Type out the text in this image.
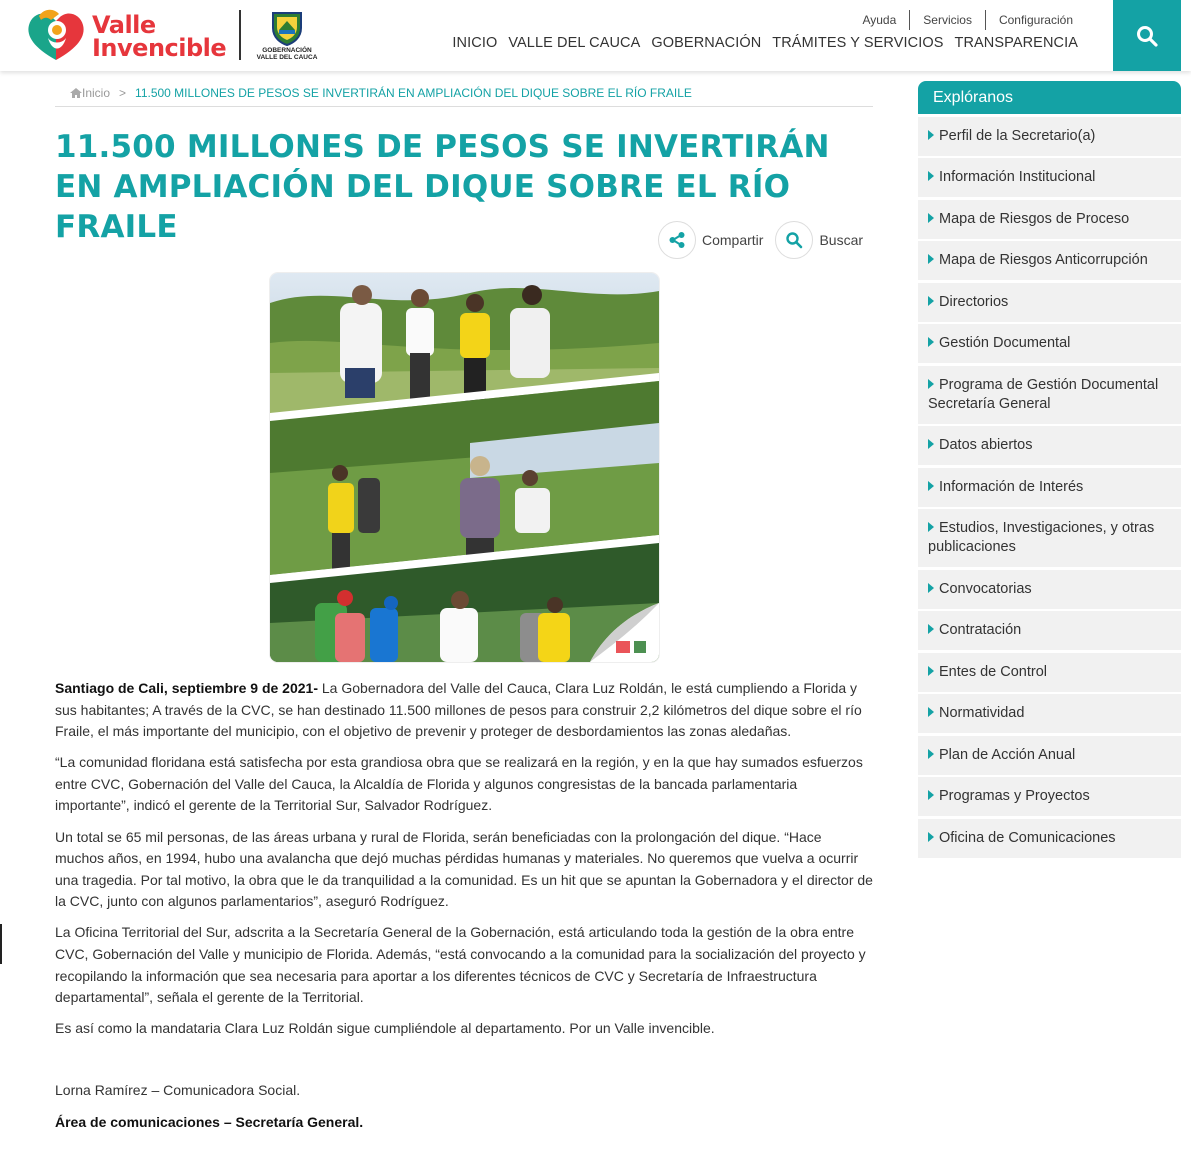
Valle
Invencible	GOBERNACIÓN VALLE DEL CAUCA
Ayuda	Servicios	Configuración
INICIO VALLE DEL CAUCA GOBERNACIÓN TRÁMITES Y SERVICIOS TRANSPARENCIA
Inicio > 11.500 MILLONES DE PESOS SE INVERTIRÁN EN AMPLIACIÓN DEL DIQUE SOBRE EL RÍO FRAILE
11.500 MILLONES DE PESOS SE INVERTIRÁN EN AMPLIACIÓN DEL DIQUE SOBRE EL RÍO FRAILE	Compartir	Buscar

Santiago de Cali, septiembre 9 de 2021- La Gobernadora del Valle del Cauca, Clara Luz Roldán, le está cumpliendo a Florida y sus habitantes; A través de la CVC, se han destinado 11.500 millones de pesos para construir 2,2 kilómetros del dique sobre el río Fraile, el más importante del municipio, con el objetivo de prevenir y proteger de desbordamientos las zonas aledañas.

“La comunidad floridana está satisfecha por esta grandiosa obra que se realizará en la región, y en la que hay sumados esfuerzos entre CVC, Gobernación del Valle del Cauca, la Alcaldía de Florida y algunos congresistas de la bancada parlamentaria importante”, indicó el gerente de la Territorial Sur, Salvador Rodríguez.

Un total se 65 mil personas, de las áreas urbana y rural de Florida, serán beneficiadas con la prolongación del dique. “Hace muchos años, en 1994, hubo una avalancha que dejó muchas pérdidas humanas y materiales. No queremos que vuelva a ocurrir una tragedia. Por tal motivo, la obra que le da tranquilidad a la comunidad. Es un hit que se apuntan la Gobernadora y el director de la CVC, junto con algunos parlamentarios”, aseguró Rodríguez.

La Oficina Territorial del Sur, adscrita a la Secretaría General de la Gobernación, está articulando toda la gestión de la obra entre CVC, Gobernación del Valle y municipio de Florida. Además, “está convocando a la comunidad para la socialización del proyecto y recopilando la información que sea necesaria para aportar a los diferentes técnicos de CVC y Secretaría de Infraestructura departamental”, señala el gerente de la Territorial.

Es así como la mandataria Clara Luz Roldán sigue cumpliéndole al departamento. Por un Valle invencible.

Lorna Ramírez – Comunicadora Social.

Área de comunicaciones – Secretaría General.

Explóranos
Perfil de la Secretario(a)
Información Institucional
Mapa de Riesgos de Proceso
Mapa de Riesgos Anticorrupción
Directorios
Gestión Documental
Programa de Gestión Documental Secretaría General
Datos abiertos
Información de Interés
Estudios, Investigaciones, y otras publicaciones
Convocatorias
Contratación
Entes de Control
Normatividad
Plan de Acción Anual
Programas y Proyectos
Oficina de Comunicaciones
